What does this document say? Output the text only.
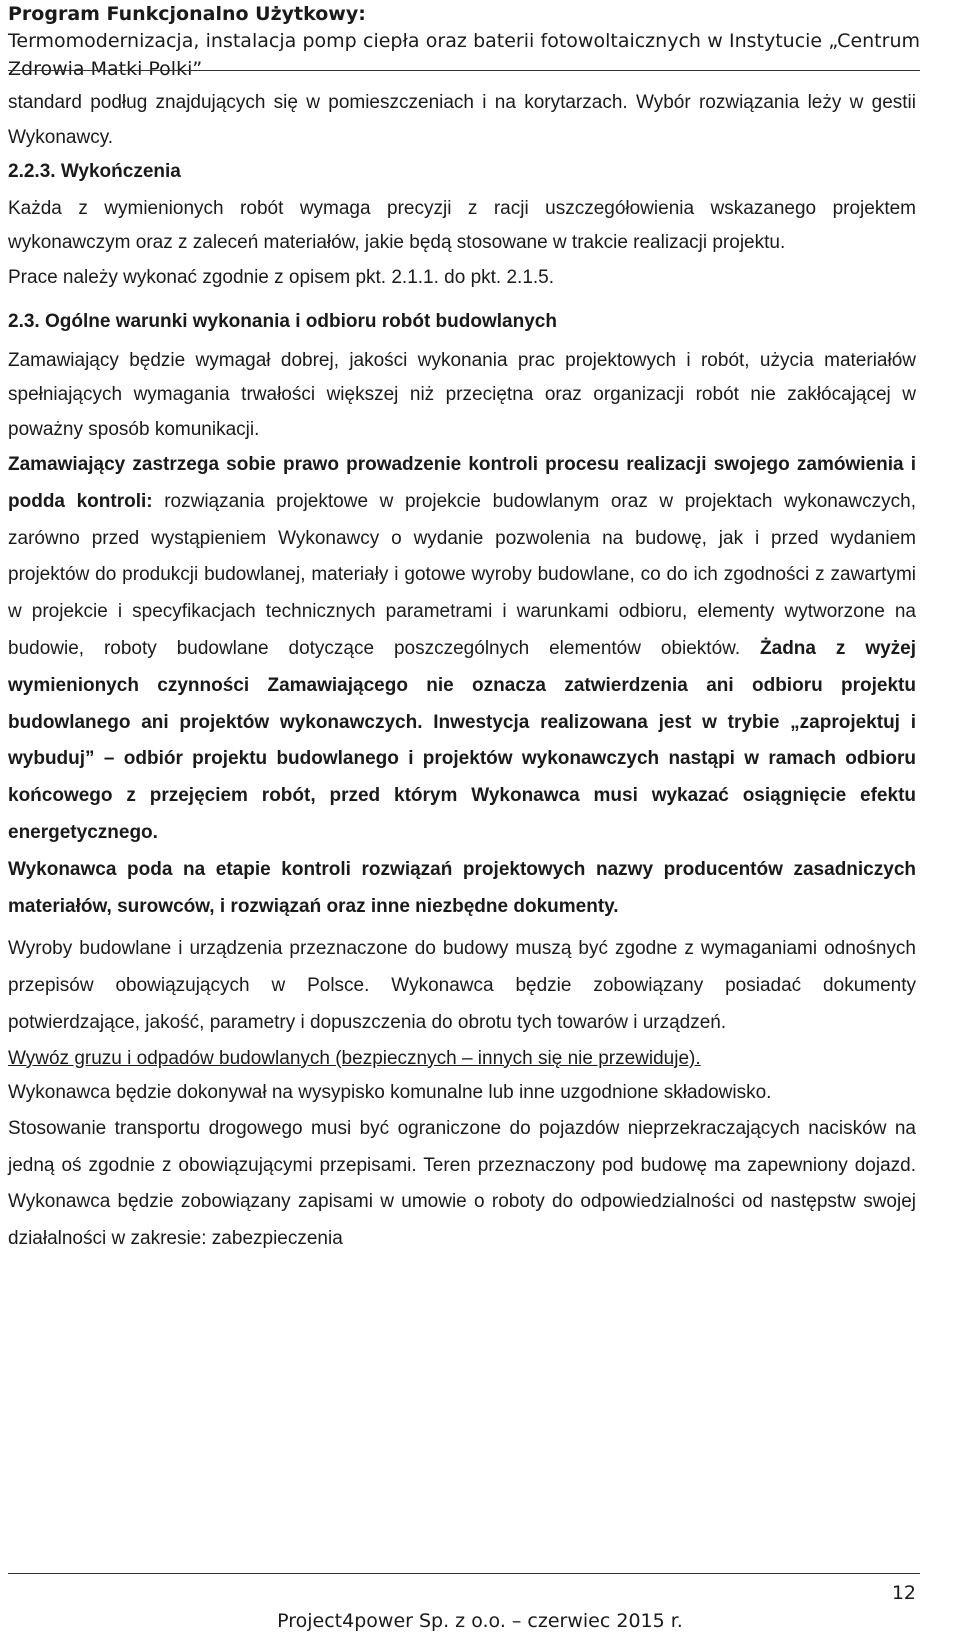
Program Funkcjonalno Użytkowy:
Termomodernizacja, instalacja pomp ciepła oraz baterii fotowoltaicznych w Instytucie „Centrum Zdrowia Matki Polki”

standard podług znajdujących się w pomieszczeniach i na korytarzach. Wybór rozwiązania leży w gestii Wykonawcy.

2.2.3. Wykończenia

Każda z wymienionych robót wymaga precyzji z racji uszczegółowienia wskazanego projektem wykonawczym oraz z zaleceń materiałów, jakie będą stosowane w trakcie realizacji projektu.

Prace należy wykonać zgodnie z opisem pkt. 2.1.1. do pkt. 2.1.5.

2.3. Ogólne warunki wykonania i odbioru robót budowlanych

Zamawiający będzie wymagał dobrej, jakości wykonania prac projektowych i robót, użycia materiałów spełniających wymagania trwałości większej niż przeciętna oraz organizacji robót nie zakłócającej w poważny sposób komunikacji.

Zamawiający zastrzega sobie prawo prowadzenie kontroli procesu realizacji swojego zamówienia i podda kontroli: rozwiązania projektowe w projekcie budowlanym oraz w projektach wykonawczych, zarówno przed wystąpieniem Wykonawcy o wydanie pozwolenia na budowę, jak i przed wydaniem projektów do produkcji budowlanej, materiały i gotowe wyroby budowlane, co do ich zgodności z zawartymi w projekcie i specyfikacjach technicznych parametrami i warunkami odbioru, elementy wytworzone na budowie, roboty budowlane dotyczące poszczególnych elementów obiektów. Żadna z wyżej wymienionych czynności Zamawiającego nie oznacza zatwierdzenia ani odbioru projektu budowlanego ani projektów wykonawczych. Inwestycja realizowana jest w trybie „zaprojektuj i wybuduj” – odbiór projektu budowlanego i projektów wykonawczych nastąpi w ramach odbioru końcowego z przejęciem robót, przed którym Wykonawca musi wykazać osiągnięcie efektu energetycznego.

Wykonawca poda na etapie kontroli rozwiązań projektowych nazwy producentów zasadniczych materiałów, surowców, i rozwiązań oraz inne niezbędne dokumenty.

Wyroby budowlane i urządzenia przeznaczone do budowy muszą być zgodne z wymaganiami odnośnych przepisów obowiązujących w Polsce. Wykonawca będzie zobowiązany posiadać dokumenty potwierdzające, jakość, parametry i dopuszczenia do obrotu tych towarów i urządzeń.

Wywóz gruzu i odpadów budowlanych (bezpiecznych – innych się nie przewiduje).
Wykonawca będzie dokonywał na wysypisko komunalne lub inne uzgodnione składowisko.

Stosowanie transportu drogowego musi być ograniczone do pojazdów nieprzekraczających nacisków na jedną oś zgodnie z obowiązującymi przepisami. Teren przeznaczony pod budowę ma zapewniony dojazd. Wykonawca będzie zobowiązany zapisami w umowie o roboty do odpowiedzialności od następstw swojej działalności w zakresie: zabezpieczenia

12
Project4power Sp. z o.o. – czerwiec 2015 r.
